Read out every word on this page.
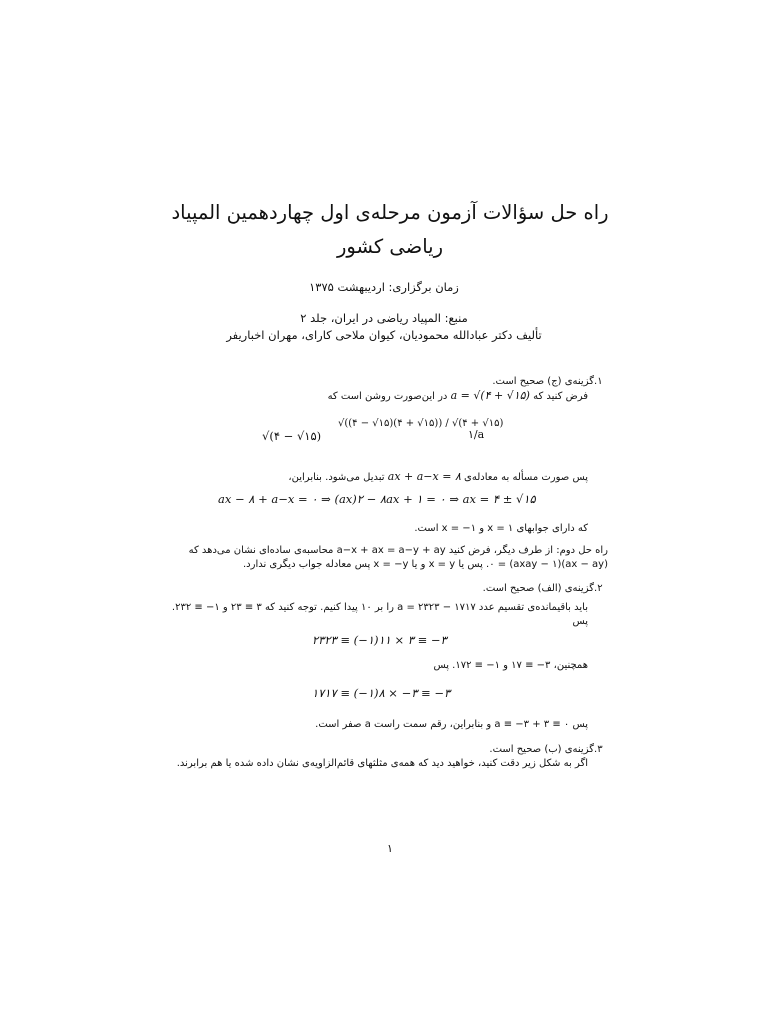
راه حل سؤالات آزمون مرحله‌ی اول چهاردهمین المپیاد
ریاضی کشور
زمان برگزاری: اردیبهشت ۱۳۷۵
منبع: المپیاد ریاضی در ایران، جلد ۲
تألیف دکتر عبادالله محمودیان، کیوان ملاحی کارای، مهران اخباریفر
۱.گزینه‌ی (ج) صحیح است.
فرض کنید که a = √(۴ + √۱۵) در این‌صورت روشن است که
√(۴ − √۱۵)
√((۴ − √۱۵)(۴ + √۱۵)) / √(۴ + √۱۵)
۱/a
پس صورت مسأله به معادله‌ی ax + a−x = ۸ تبدیل می‌شود. بنابراین،
ax − ۸ + a−x = ۰ ⇒ (ax)۲ − ۸ax + ۱ = ۰ ⇒ ax = ۴ ± √۱۵
که دارای جوابهای x = ۱ و x = −۱ است.
راه حل دوم: از طرف دیگر، فرض کنید a−x + ax = a−y + ay محاسبه‌ی ساده‌ای نشان می‌دهد که
(ax − ay)(axay − ۱) = ۰. پس یا x = y و یا x = −y پس معادله جواب دیگری ندارد.
۲.گزینه‌ی (الف) صحیح است.
باید باقیمانده‌ی تقسیم عدد a = ۲۳۲۳ − ۱۷۱۷ را بر ۱۰ پیدا کنیم. توجه کنید که ۳ ≡ ۲۳ و ۱− ≡ ۲۳۲.
پس
۲۳۲۳ ≡ (−۱)۱۱ × ۳ ≡ −۳
همچنین، ۳− ≡ ۱۷ و ۱− ≡ ۱۷۲. پس
۱۷۱۷ ≡ (−۱)۸ × −۳ ≡ −۳
پس ۰ ≡ ۳ + ۳− ≡ a و بنابراین، رقم سمت راست a صفر است.
۳.گزینه‌ی (ب) صحیح است.
اگر به شکل زیر دقت کنید، خواهید دید که همه‌ی مثلثهای قائم‌الزاویه‌ی نشان داده شده یا هم برابرند.
۱
